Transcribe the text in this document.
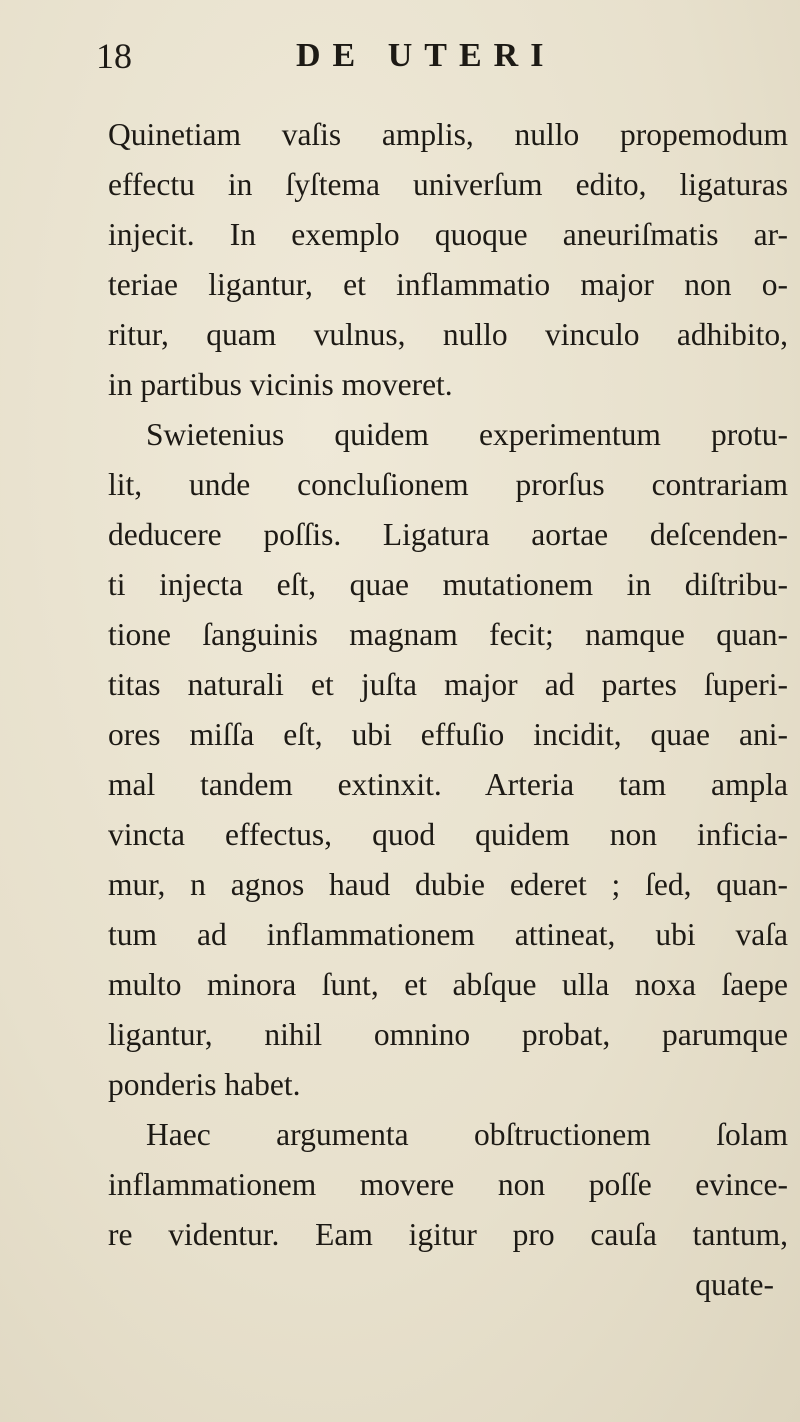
18	DE UTERI
Quinetiam vaſis amplis, nullo propemodum
effectu in ſyſtema univerſum edito, ligaturas
injecit. In exemplo quoque aneuriſmatis ar-
teriae ligantur, et inflammatio major non o-
ritur, quam vulnus, nullo vinculo adhibito,
in partibus vicinis moveret.
Swietenius quidem experimentum protu-
lit, unde concluſionem prorſus contrariam
deducere poſſis. Ligatura aortae deſcenden-
ti injecta eſt, quae mutationem in diſtribu-
tione ſanguinis magnam fecit; namque quan-
titas naturali et juſta major ad partes ſuperi-
ores miſſa eſt, ubi effuſio incidit, quae ani-
mal tandem extinxit. Arteria tam ampla
vincta effectus, quod quidem non inficia-
mur, n agnos haud dubie ederet ; ſed, quan-
tum ad inflammationem attineat, ubi vaſa
multo minora ſunt, et abſque ulla noxa ſaepe
ligantur, nihil omnino probat, parumque
ponderis habet.
Haec argumenta obſtructionem ſolam
inflammationem movere non poſſe evince-
re videntur. Eam igitur pro cauſa tantum,
quate-
